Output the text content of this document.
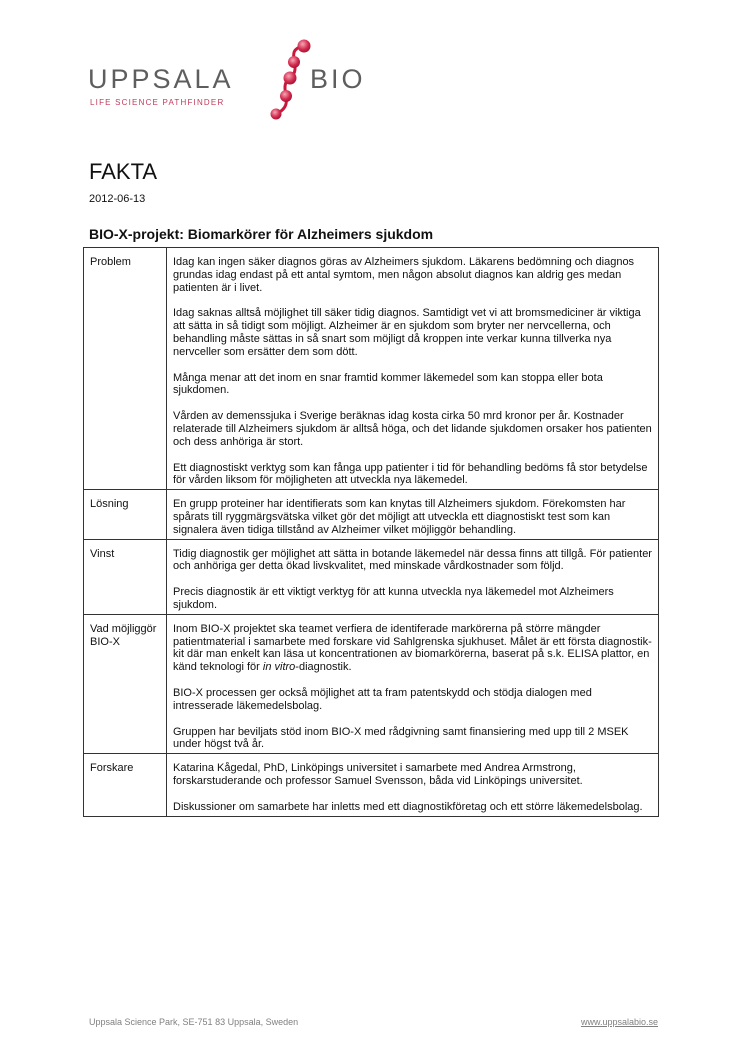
UPPSALA	BIO
LIFE SCIENCE PATHFINDER
FAKTA
2012-06-13
BIO-X-projekt: Biomarkörer för Alzheimers sjukdom
Problem	Idag kan ingen säker diagnos göras av Alzheimers sjukdom. Läkarens bedömning och diagnos grundas idag endast på ett antal symtom, men någon absolut diagnos kan aldrig ges medan patienten är i livet.

Idag saknas alltså möjlighet till säker tidig diagnos. Samtidigt vet vi att bromsmediciner är viktiga att sätta in så tidigt som möjligt. Alzheimer är en sjukdom som bryter ner nervcellerna, och behandling måste sättas in så snart som möjligt då kroppen inte verkar kunna tillverka nya nervceller som ersätter dem som dött.

Många menar att det inom en snar framtid kommer läkemedel som kan stoppa eller bota sjukdomen.

Vården av demenssjuka i Sverige beräknas idag kosta cirka 50 mrd kronor per år. Kostnader relaterade till Alzheimers sjukdom är alltså höga, och det lidande sjukdomen orsaker hos patienten och dess anhöriga är stort.

Ett diagnostiskt verktyg som kan fånga upp patienter i tid för behandling bedöms få stor betydelse för vården liksom för möjligheten att utveckla nya läkemedel.

Lösning	En grupp proteiner har identifierats som kan knytas till Alzheimers sjukdom. Förekomsten har spårats till ryggmärgsvätska vilket gör det möjligt att utveckla ett diagnostiskt test som kan signalera även tidiga tillstånd av Alzheimer vilket möjliggör behandling.

Vinst	Tidig diagnostik ger möjlighet att sätta in botande läkemedel när dessa finns att tillgå. För patienter och anhöriga ger detta ökad livskvalitet, med minskade vårdkostnader som följd.

Precis diagnostik är ett viktigt verktyg för att kunna utveckla nya läkemedel mot Alzheimers sjukdom.

Vad möjliggör BIO-X	Inom BIO-X projektet ska teamet verfiera de identiferade markörerna på större mängder patientmaterial i samarbete med forskare vid Sahlgrenska sjukhuset. Målet är ett första diagnostik-kit där man enkelt kan läsa ut koncentrationen av biomarkörerna, baserat på s.k. ELISA plattor, en känd teknologi för in vitro-diagnostik.

BIO-X processen ger också möjlighet att ta fram patentskydd och stödja dialogen med intresserade läkemedelsbolag.

Gruppen har beviljats stöd inom BIO-X med rådgivning samt finansiering med upp till 2 MSEK under högst två år.

Forskare	Katarina Kågedal, PhD, Linköpings universitet i samarbete med Andrea Armstrong, forskarstuderande och professor Samuel Svensson, båda vid Linköpings universitet.

Diskussioner om samarbete har inletts med ett diagnostikföretag och ett större läkemedelsbolag.

Uppsala Science Park, SE-751 83 Uppsala, Sweden	www.uppsalabio.se
